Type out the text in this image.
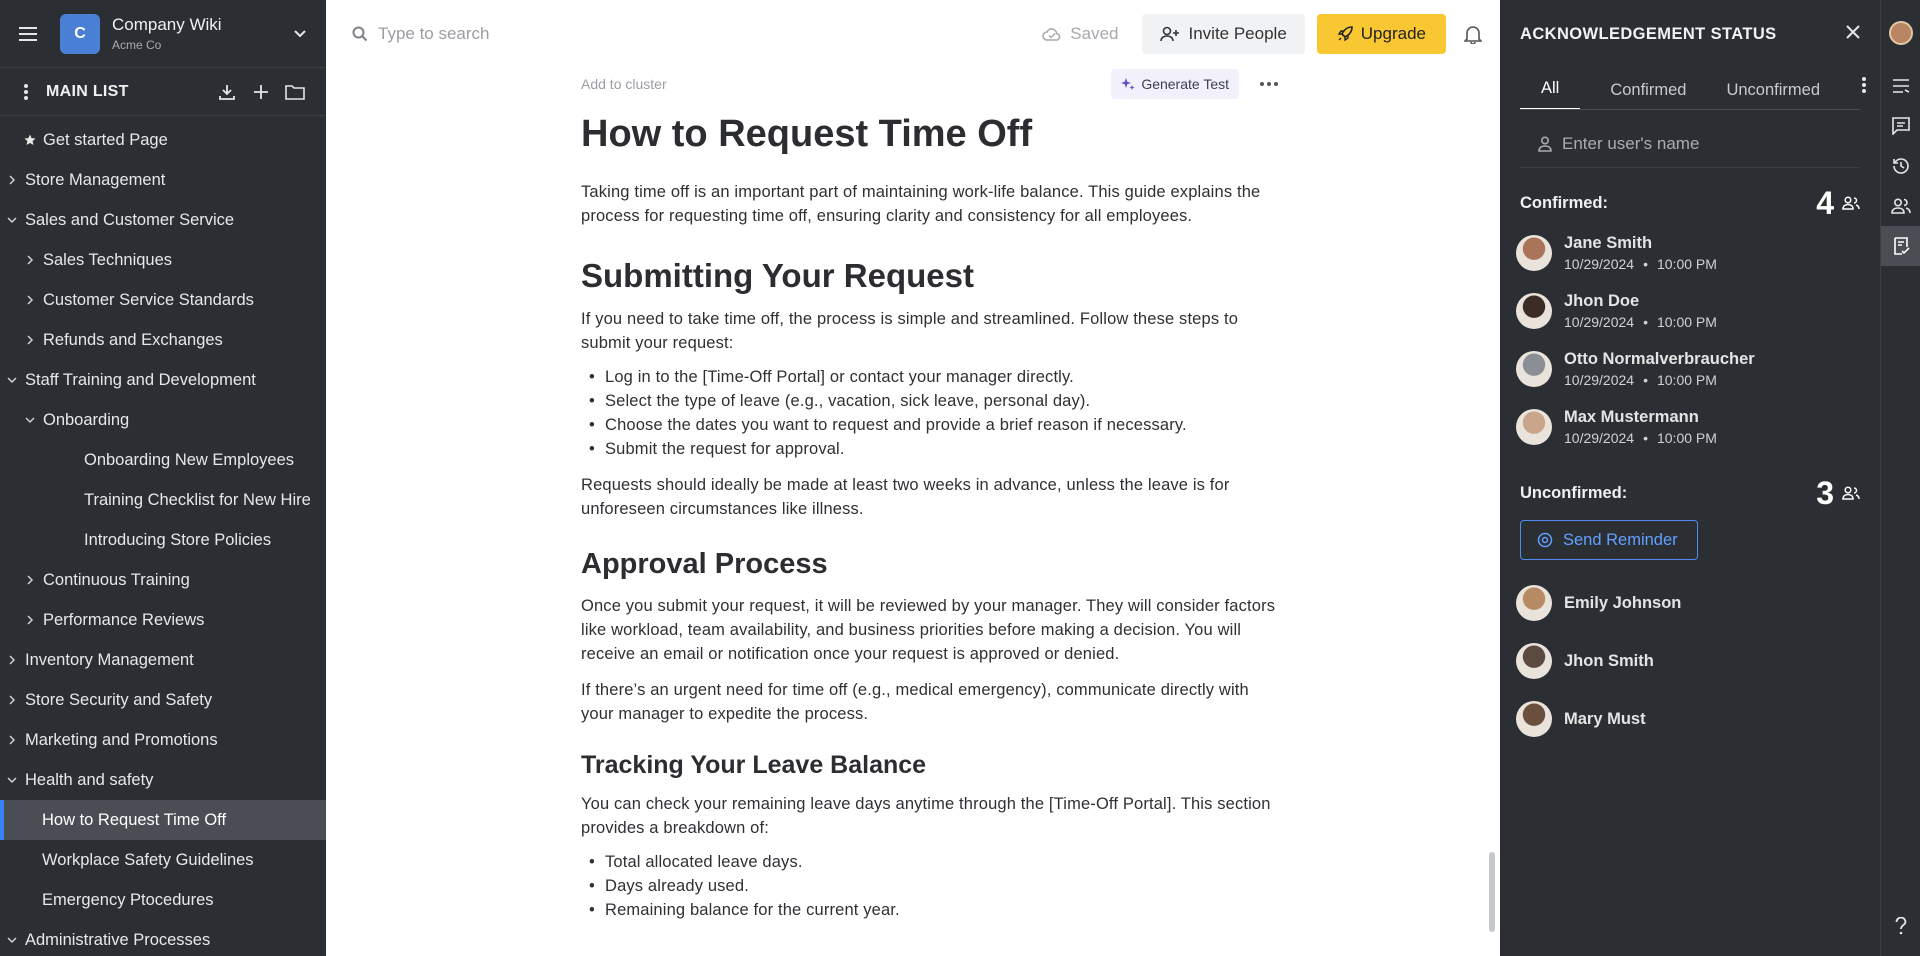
C	Company Wiki
Acme Co
MAIN LIST
Get started Page
Store Management
Sales and Customer Service
Sales Techniques
Customer Service Standards
Refunds and Exchanges
Staff Training and Development
Onboarding
Onboarding New Employees
Training Checklist for New Hire
Introducing Store Policies
Continuous Training
Performance Reviews
Inventory Management
Store Security and Safety
Marketing and Promotions
Health and safety
How to Request Time Off
Workplace Safety Guidelines
Emergency Ptocedures
Administrative Processes
Type to search	Saved	Invite People	Upgrade
Add to cluster	Generate Test
How to Request Time Off

Taking time off is an important part of maintaining work-life balance. This guide explains the process for requesting time off, ensuring clarity and consistency for all employees.

Submitting Your Request

If you need to take time off, the process is simple and streamlined. Follow these steps to submit your request:

• Log in to the [Time-Off Portal] or contact your manager directly.
• Select the type of leave (e.g., vacation, sick leave, personal day).
• Choose the dates you want to request and provide a brief reason if necessary.
• Submit the request for approval.

Requests should ideally be made at least two weeks in advance, unless the leave is for unforeseen circumstances like illness.

Approval Process

Once you submit your request, it will be reviewed by your manager. They will consider factors like workload, team availability, and business priorities before making a decision. You will receive an email or notification once your request is approved or denied.

If there’s an urgent need for time off (e.g., medical emergency), communicate directly with your manager to expedite the process.

Tracking Your Leave Balance

You can check your remaining leave days anytime through the [Time-Off Portal]. This section provides a breakdown of:

• Total allocated leave days.
• Days already used.
• Remaining balance for the current year.
ACKNOWLEDGEMENT STATUS
All	Confirmed Unconfirmed
Enter user's name
Confirmed:	4
Jane Smith
10/29/2024 • 10:00 PM
Jhon Doe
10/29/2024 • 10:00 PM
Otto Normalverbraucher
10/29/2024 • 10:00 PM
Max Mustermann
10/29/2024 • 10:00 PM
Unconfirmed:	3
Send Reminder
Emily Johnson
Jhon Smith
Mary Must
